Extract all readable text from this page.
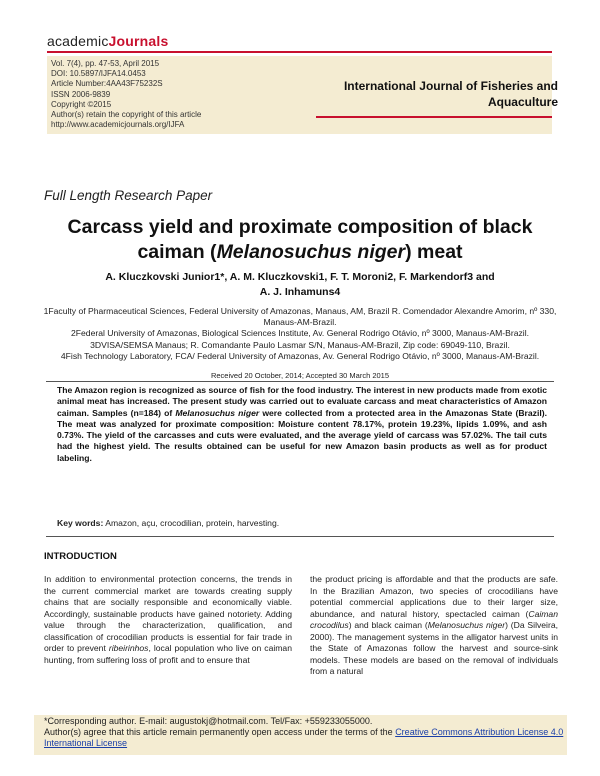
academicJournals
Vol. 7(4), pp. 47-53, April 2015
DOI: 10.5897/IJFA14.0453
Article Number:4AA43F75232S
ISSN 2006-9839
Copyright ©2015
Author(s) retain the copyright of this article
http://www.academicjournals.org/IJFA
International Journal of Fisheries and
Aquaculture
Full Length Research Paper
Carcass yield and proximate composition of black
caiman (Melanosuchus niger) meat
A. Kluczkovski Junior1*, A. M. Kluczkovski1, F. T. Moroni2, F. Markendorf3 and
A. J. Inhamuns4
1Faculty of Pharmaceutical Sciences, Federal University of Amazonas, Manaus, AM, Brazil R. Comendador Alexandre Amorim, nº 330, Manaus-AM-Brazil.
2Federal University of Amazonas, Biological Sciences Institute, Av. General Rodrigo Otávio, nº 3000, Manaus-AM-Brazil.
3DVISA/SEMSA Manaus; R. Comandante Paulo Lasmar S/N, Manaus-AM-Brazil, Zip code: 69049-110, Brazil.
4Fish Technology Laboratory, FCA/ Federal University of Amazonas, Av. General Rodrigo Otávio, nº 3000, Manaus-AM-Brazil.
Received 20 October, 2014; Accepted 30 March 2015
The Amazon region is recognized as source of fish for the food industry. The interest in new products made from exotic animal meat has increased. The present study was carried out to evaluate carcass and meat characteristics of Amazon caiman. Samples (n=184) of Melanosuchus niger were collected from a protected area in the Amazonas State (Brazil). The meat was analyzed for proximate composition: Moisture content 78.17%, protein 19.23%, lipids 1.09%, and ash 0.73%. The yield of the carcasses and cuts were evaluated, and the average yield of carcass was 57.02%. The tail cuts had the highest yield. The results obtained can be useful for new Amazon basin products as well as for product labeling.
Key words: Amazon, açu, crocodilian, protein, harvesting.
INTRODUCTION

In addition to environmental protection concerns, the trends in the current commercial market are towards creating supply chains that are socially responsible and economically viable. Accordingly, sustainable products have gained notoriety. Adding value through the characterization, qualification, and classification of crocodilian products is essential for fair trade in order to prevent ribeirinhos, local population who live on caiman hunting, from suffering loss of profit and to ensure that

the product pricing is affordable and that the products are safe. In the Brazilian Amazon, two species of crocodilians have potential commercial applications due to their larger size, abundance, and natural history, spectacled caiman (Caiman crocodilus) and black caiman (Melanosuchus niger) (Da Silveira, 2000). The management systems in the alligator harvest units in the State of Amazonas follow the harvest and source-sink models. These models are based on the removal of individuals from a natural

*Corresponding author. E-mail: augustokj@hotmail.com. Tel/Fax: +559233055000.
Author(s) agree that this article remain permanently open access under the terms of the Creative Commons Attribution License 4.0 International License
